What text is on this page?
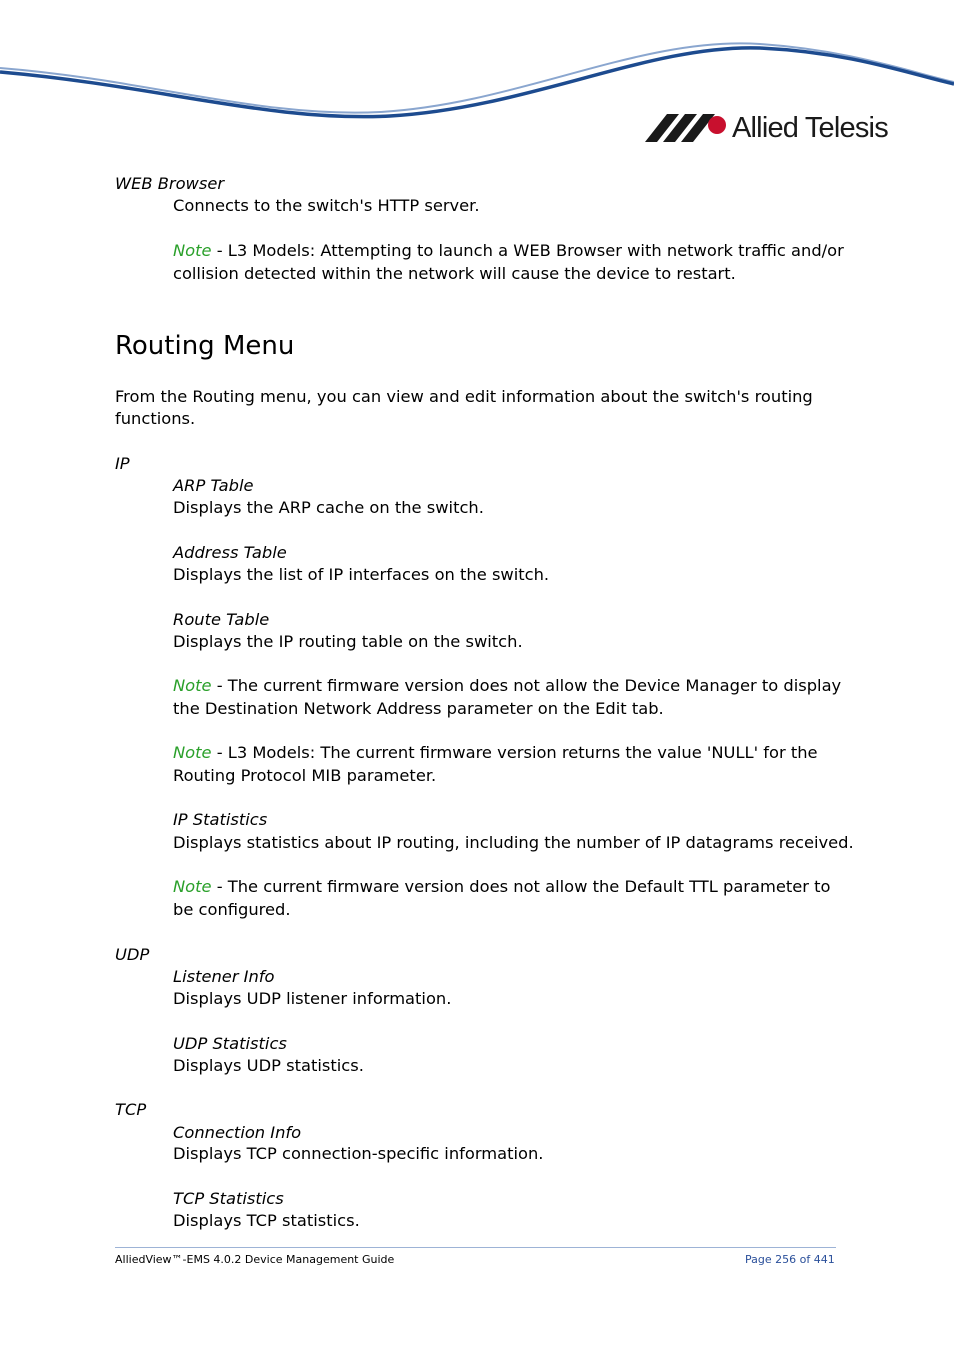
Allied Telesis
WEB Browser
Connects to the switch's HTTP server.
Note - L3 Models: Attempting to launch a WEB Browser with network traffic and/or
collision detected within the network will cause the device to restart.
Routing Menu
From the Routing menu, you can view and edit information about the switch's routing
functions.
IP
ARP Table
Displays the ARP cache on the switch.
Address Table
Displays the list of IP interfaces on the switch.
Route Table
Displays the IP routing table on the switch.
Note - The current firmware version does not allow the Device Manager to display
the Destination Network Address parameter on the Edit tab.
Note - L3 Models: The current firmware version returns the value 'NULL' for the
Routing Protocol MIB parameter.
IP Statistics
Displays statistics about IP routing, including the number of IP datagrams received.
Note - The current firmware version does not allow the Default TTL parameter to
be configured.
UDP
Listener Info
Displays UDP listener information.
UDP Statistics
Displays UDP statistics.
TCP
Connection Info
Displays TCP connection-specific information.
TCP Statistics
Displays TCP statistics.
AlliedView™-EMS 4.0.2 Device Management Guide	Page 256 of 441
